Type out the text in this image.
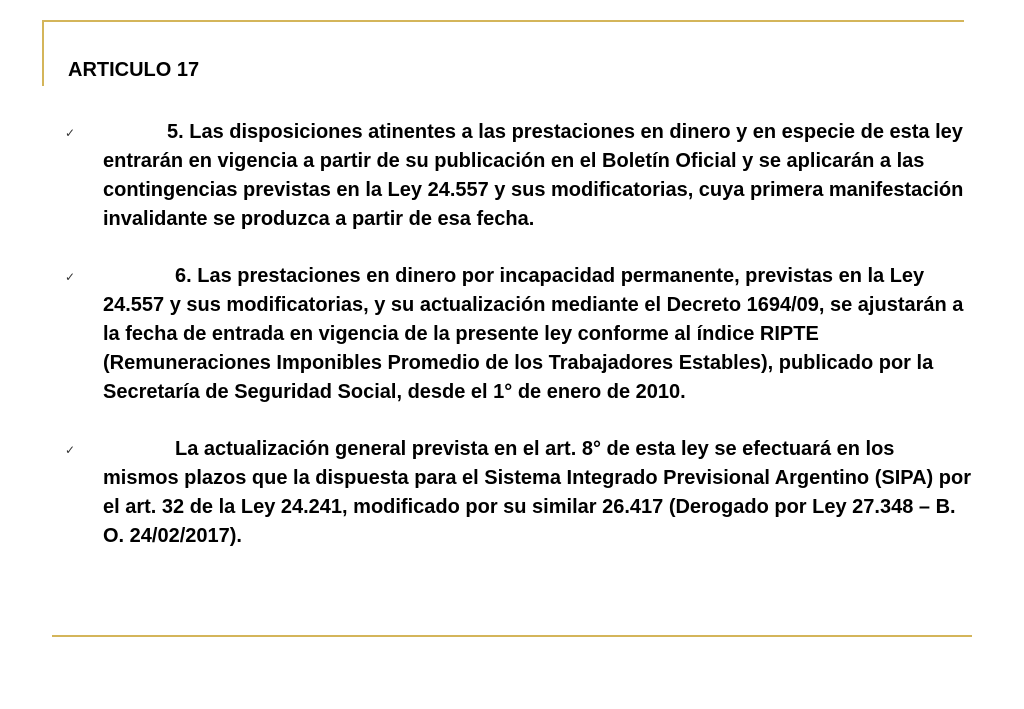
ARTICULO 17
✓	5. Las disposiciones atinentes a las prestaciones en dinero y en especie de esta ley entrarán en vigencia a partir de su publicación en el Boletín Oficial y se aplicarán a las contingencias previstas en la Ley 24.557 y sus modificatorias, cuya primera manifestación invalidante se produzca a partir de esa fecha.
✓	6. Las prestaciones en dinero por incapacidad permanente, previstas en la Ley 24.557 y sus modificatorias, y su actualización mediante el Decreto 1694/09, se ajustarán a la fecha de entrada en vigencia de la presente ley conforme al índice RIPTE (Remuneraciones Imponibles Promedio de los Trabajadores Estables), publicado por la Secretaría de Seguridad Social, desde el 1° de enero de 2010.
✓	La actualización general prevista en el art. 8° de esta ley se efectuará en los mismos plazos que la dispuesta para el Sistema Integrado Previsional Argentino (SIPA) por el art. 32 de la Ley 24.241, modificado por su similar 26.417 (Derogado por Ley 27.348 – B. O. 24/02/2017).
